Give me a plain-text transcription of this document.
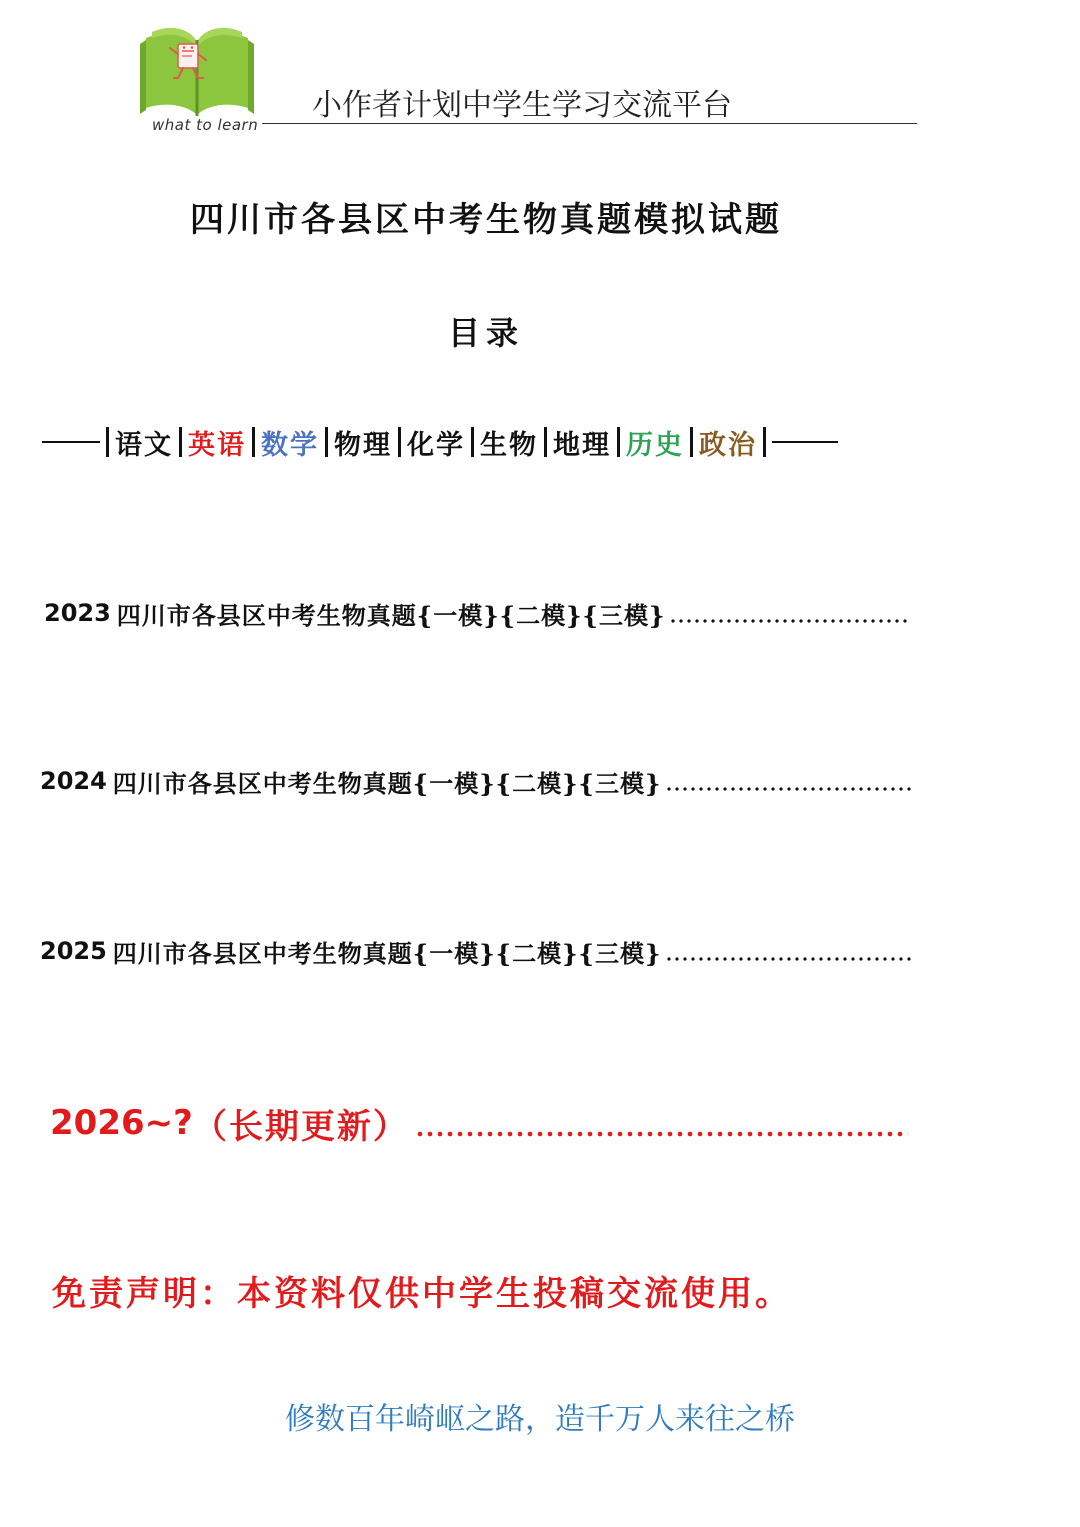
what to learn
小作者计划中学生学习交流平台
四川市各县区中考生物真题模拟试题
目录
语文 英语 数学 物理 化学 生物 地理 历史 政治
2023 四川市各县区中考生物真题{一模}{二模}{三模}
2024 四川市各县区中考生物真题{一模}{二模}{三模}
2025 四川市各县区中考生物真题{一模}{二模}{三模}
2026~? （长期更新）
免责声明：本资料仅供中学生投稿交流使用。
修数百年崎岖之路，造千万人来往之桥
